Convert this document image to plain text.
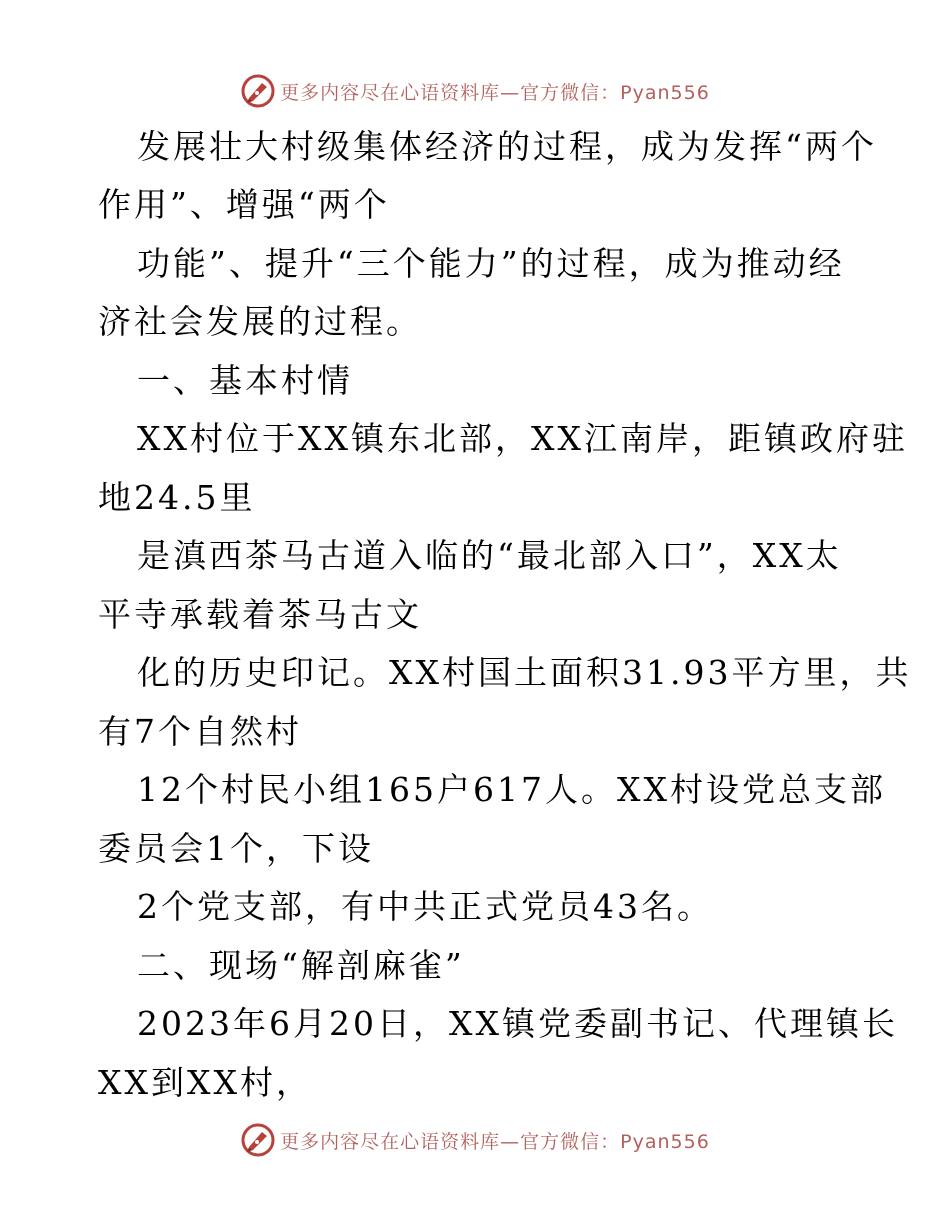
更多内容尽在心语资料库—官方微信：Pyan556

发展壮大村级集体经济的过程，成为发挥“两个

作用”、增强“两个

功能”、提升“三个能力”的过程，成为推动经

济社会发展的过程。

一、基本村情

XX村位于XX镇东北部，XX江南岸，距镇政府驻

地24.5里

是滇西茶马古道入临的“最北部入口”，XX太

平寺承载着茶马古文

化的历史印记。XX村国土面积31.93平方里，共

有7个自然村

12个村民小组165户617人。XX村设党总支部

委员会1个，下设

2个党支部，有中共正式党员43名。

二、现场“解剖麻雀”

2023年6月20日，XX镇党委副书记、代理镇长

XX到XX村，

更多内容尽在心语资料库—官方微信：Pyan556
